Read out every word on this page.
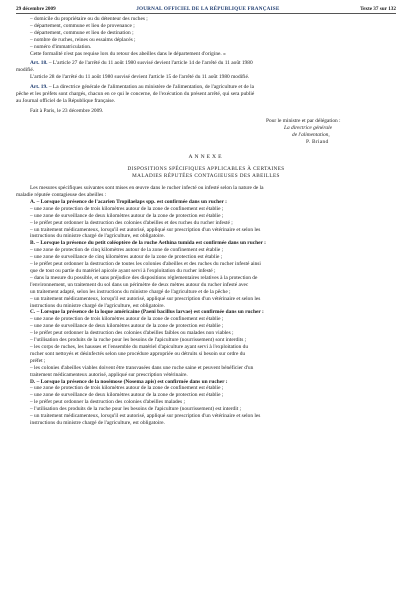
29 décembre 2009	JOURNAL OFFICIEL DE LA RÉPUBLIQUE FRANÇAISE	Texte 37 sur 132
– domicile du propriétaire ou du détenteur des ruches ;
– département, commune et lieu de provenance ;
– département, commune et lieu de destination ;
– nombre de ruches, reines ou essaims déplacés ;
– numéro d'immatriculation.
Cette formalité n'est pas requise lors du retour des abeilles dans le département d'origine. »
Art. 18. – L'article 27 de l'arrêté du 11 août 1980 susvisé devient l'article 14 de l'arrêté du 11 août 1980
modifié.
L'article 28 de l'arrêté du 11 août 1980 susvisé devient l'article 15 de l'arrêté du 11 août 1980 modifié.
Art. 19. – La directrice générale de l'alimentation au ministère de l'alimentation, de l'agriculture et de la
pêche et les préfets sont chargés, chacun en ce qui le concerne, de l'exécution du présent arrêté, qui sera publié
au Journal officiel de la République française.
Fait à Paris, le 23 décembre 2009.
Pour le ministre et par délégation :
La directrice générale
de l'alimentation,
P. Briand
ANNEXE
DISPOSITIONS SPÉCIFIQUES APPLICABLES À CERTAINES
MALADIES RÉPUTÉES CONTAGIEUSES DES ABEILLES
Les mesures spécifiques suivantes sont mises en œuvre dans le rucher infecté ou infesté selon la nature de la
maladie réputée contagieuse des abeilles :
A. – Lorsque la présence de l'acarien Tropilaelaps spp. est confirmée dans un rucher :
– une zone de protection de trois kilomètres autour de la zone de confinement est établie ;
– une zone de surveillance de deux kilomètres autour de la zone de protection est établie ;
– le préfet peut ordonner la destruction des colonies d'abeilles et des ruches du rucher infesté ;
– un traitement médicamenteux, lorsqu'il est autorisé, appliqué sur prescription d'un vétérinaire et selon les
instructions du ministre chargé de l'agriculture, est obligatoire.
B. – Lorsque la présence du petit coléoptère de la ruche Aethina tumida est confirmée dans un rucher :
– une zone de protection de cinq kilomètres autour de la zone de confinement est établie ;
– une zone de surveillance de cinq kilomètres autour de la zone de protection est établie ;
– le préfet peut ordonner la destruction de toutes les colonies d'abeilles et des ruches du rucher infesté ainsi
que de tout ou partie du matériel apicole ayant servi à l'exploitation du rucher infesté ;
– dans la mesure du possible, et sans préjudice des dispositions réglementaires relatives à la protection de
l'environnement, un traitement du sol dans un périmètre de deux mètres autour du rucher infesté avec
un traitement adapté, selon les instructions du ministre chargé de l'agriculture et de la pêche ;
– un traitement médicamenteux, lorsqu'il est autorisé, appliqué sur prescription d'un vétérinaire et selon les
instructions du ministre chargé de l'agriculture, est obligatoire.
C. – Lorsque la présence de la loque américaine (Paeni bacillus larvae) est confirmée dans un rucher :
– une zone de protection de trois kilomètres autour de la zone de confinement est établie ;
– une zone de surveillance de deux kilomètres autour de la zone de protection est établie ;
– le préfet peut ordonner la destruction des colonies d'abeilles faibles ou malades non viables ;
– l'utilisation des produits de la ruche pour les besoins de l'apiculture (nourrissement) sont interdits ;
– les corps de ruches, les hausses et l'ensemble du matériel d'apiculture ayant servi à l'exploitation du
rucher sont nettoyés et désinfectés selon une procédure appropriée ou détruits si besoin sur ordre du
préfet ;
– les colonies d'abeilles viables doivent être transvasées dans une ruche saine et peuvent bénéficier d'un
traitement médicamenteux autorisé, appliqué sur prescription vétérinaire.
D. – Lorsque la présence de la nosémose (Nosema apis) est confirmée dans un rucher :
– une zone de protection de trois kilomètres autour de la zone de confinement est établie ;
– une zone de surveillance de deux kilomètres autour de la zone de protection est établie ;
– le préfet peut ordonner la destruction des colonies d'abeilles malades ;
– l'utilisation des produits de la ruche pour les besoins de l'apiculture (nourrissement) est interdit ;
– un traitement médicamenteux, lorsqu'il est autorisé, appliqué sur prescription d'un vétérinaire et selon les
instructions du ministre chargé de l'agriculture, est obligatoire.
